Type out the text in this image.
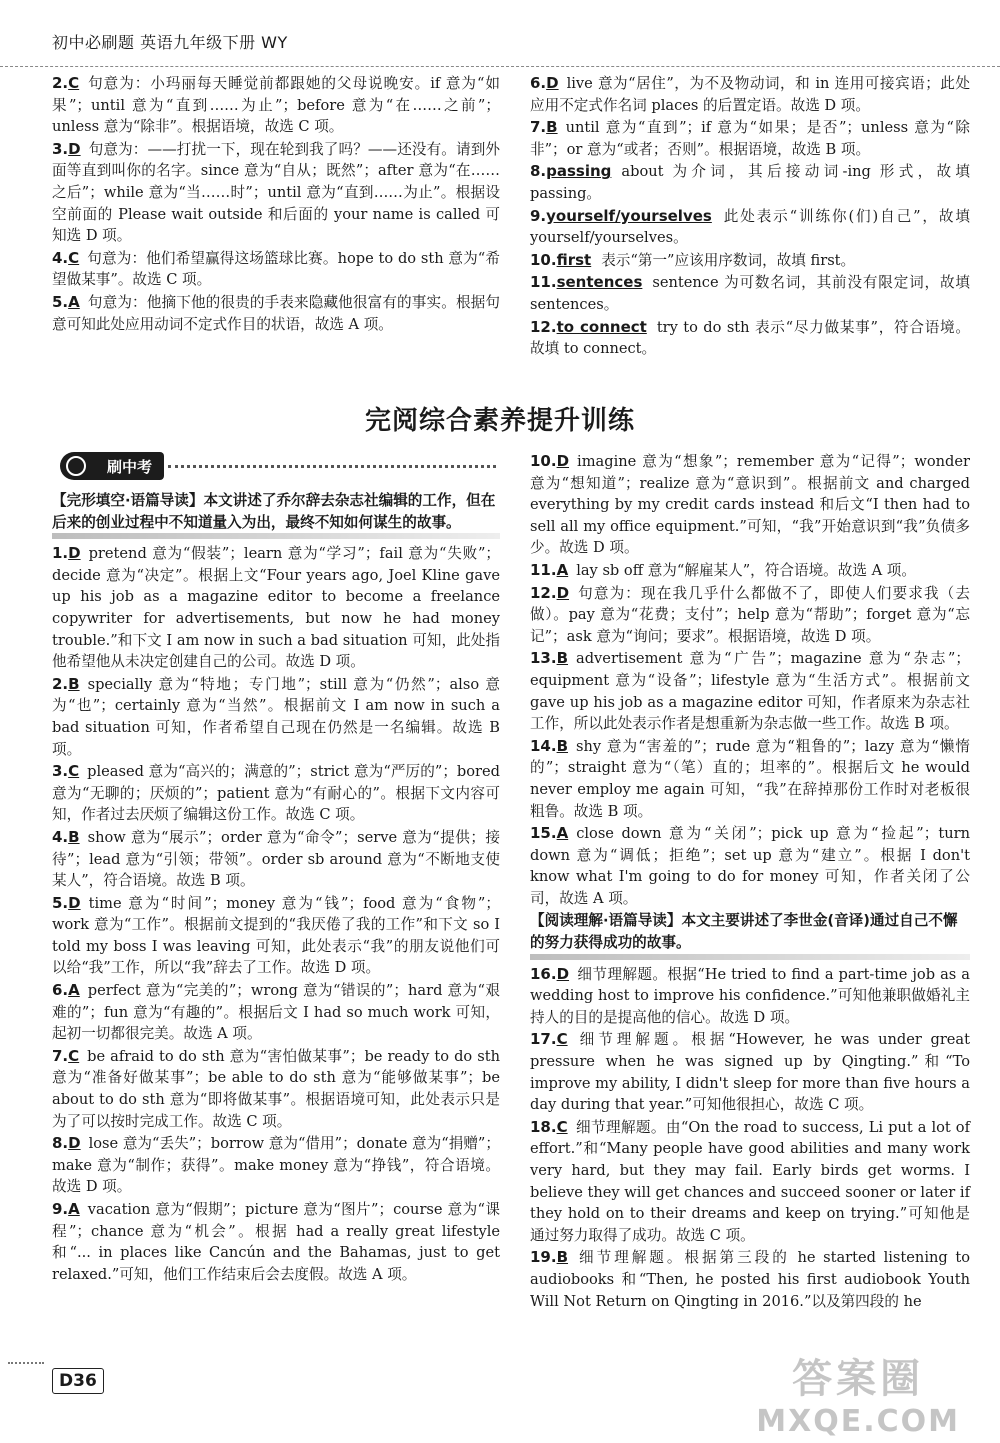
初中必刷题 英语九年级下册 WY
2.C 句意为：小玛丽每天睡觉前都跟她的父母说晚安。if 意为“如果”；until 意为“直到……为止”；before 意为“在……之前”；unless 意为“除非”。根据语境，故选 C 项。
3.D 句意为：——打扰一下，现在轮到我了吗？——还没有。请到外面等直到叫你的名字。since 意为“自从；既然”；after 意为“在……之后”；while 意为“当……时”；until 意为“直到……为止”。根据设空前面的 Please wait outside 和后面的 your name is called 可知选 D 项。
4.C 句意为：他们希望赢得这场篮球比赛。hope to do sth 意为“希望做某事”。故选 C 项。
5.A 句意为：他摘下他的很贵的手表来隐藏他很富有的事实。根据句意可知此处应用动词不定式作目的状语，故选 A 项。
6.D live 意为“居住”，为不及物动词，和 in 连用可接宾语；此处应用不定式作名词 places 的后置定语。故选 D 项。
7.B until 意为“直到”；if 意为“如果；是否”；unless 意为“除非”；or 意为“或者；否则”。根据语境，故选 B 项。
8.passing about 为介词，其后接动词-ing 形式，故填 passing。
9.yourself/yourselves 此处表示“训练你(们)自己”，故填 yourself/yourselves。
10.first 表示“第一”应该用序数词，故填 first。
11.sentences sentence 为可数名词，其前没有限定词，故填 sentences。
12.to connect try to do sth 表示“尽力做某事”，符合语境。故填 to connect。
完阅综合素养提升训练
刷中考
【完形填空·语篇导读】本文讲述了乔尔辞去杂志社编辑的工作，但在后来的创业过程中不知道量入为出，最终不知如何谋生的故事。
1.D pretend 意为“假装”；learn 意为“学习”；fail 意为“失败”；decide 意为“决定”。根据上文“Four years ago, Joel Kline gave up his job as a magazine editor to become a freelance copywriter for advertisements, but now he had money trouble.”和下文 I am now in such a bad situation 可知，此处指他希望他从未决定创建自己的公司。故选 D 项。
2.B specially 意为“特地；专门地”；still 意为“仍然”；also 意为“也”；certainly 意为“当然”。根据前文 I am now in such a bad situation 可知，作者希望自己现在仍然是一名编辑。故选 B 项。
3.C pleased 意为“高兴的；满意的”；strict 意为“严厉的”；bored 意为“无聊的；厌烦的”；patient 意为“有耐心的”。根据下文内容可知，作者过去厌烦了编辑这份工作。故选 C 项。
4.B show 意为“展示”；order 意为“命令”；serve 意为“提供；接待”；lead 意为“引领；带领”。order sb around 意为“不断地支使某人”，符合语境。故选 B 项。
5.D time 意为“时间”；money 意为“钱”；food 意为“食物”；work 意为“工作”。根据前文提到的“我厌倦了我的工作”和下文 so I told my boss I was leaving 可知，此处表示“我”的朋友说他们可以给“我”工作，所以“我”辞去了工作。故选 D 项。
6.A perfect 意为“完美的”；wrong 意为“错误的”；hard 意为“艰难的”；fun 意为“有趣的”。根据后文 I had so much work 可知，起初一切都很完美。故选 A 项。
7.C be afraid to do sth 意为“害怕做某事”；be ready to do sth 意为“准备好做某事”；be able to do sth 意为“能够做某事”；be about to do sth 意为“即将做某事”。根据语境可知，此处表示只是为了可以按时完成工作。故选 C 项。
8.D lose 意为“丢失”；borrow 意为“借用”；donate 意为“捐赠”；make 意为“制作；获得”。make money 意为“挣钱”，符合语境。故选 D 项。
9.A vacation 意为“假期”；picture 意为“图片”；course 意为“课程”；chance 意为“机会”。根据 had a really great lifestyle 和“... in places like Cancún and the Bahamas, just to get relaxed.”可知，他们工作结束后会去度假。故选 A 项。
10.D imagine 意为“想象”；remember 意为“记得”；wonder 意为“想知道”；realize 意为“意识到”。根据前文 and charged everything by my credit cards instead 和后文“I then had to sell all my office equipment.”可知，“我”开始意识到“我”负债多少。故选 D 项。
11.A lay sb off 意为“解雇某人”，符合语境。故选 A 项。
12.D 句意为：现在我几乎什么都做不了，即使人们要求我（去做）。pay 意为“花费；支付”；help 意为“帮助”；forget 意为“忘记”；ask 意为“询问；要求”。根据语境，故选 D 项。
13.B advertisement 意为“广告”；magazine 意为“杂志”；equipment 意为“设备”；lifestyle 意为“生活方式”。根据前文 gave up his job as a magazine editor 可知，作者原来为杂志社工作，所以此处表示作者是想重新为杂志做一些工作。故选 B 项。
14.B shy 意为“害羞的”；rude 意为“粗鲁的”；lazy 意为“懒惰的”；straight 意为“（笔）直的；坦率的”。根据后文 he would never employ me again 可知，“我”在辞掉那份工作时对老板很粗鲁。故选 B 项。
15.A close down 意为“关闭”；pick up 意为“捡起”；turn down 意为“调低；拒绝”；set up 意为“建立”。根据 I don't know what I'm going to do for money 可知，作者关闭了公司，故选 A 项。
【阅读理解·语篇导读】本文主要讲述了李世金(音译)通过自己不懈的努力获得成功的故事。
16.D 细节理解题。根据“He tried to find a part-time job as a wedding host to improve his confidence.”可知他兼职做婚礼主持人的目的是提高他的信心。故选 D 项。
17.C 细节理解题。根据“However, he was under great pressure when he was signed up by Qingting.”和“To improve my ability, I didn't sleep for more than five hours a day during that year.”可知他很担心，故选 C 项。
18.C 细节理解题。由“On the road to success, Li put a lot of effort.”和“Many people have good abilities and many work very hard, but they may fail. Early birds get worms. I believe they will get chances and succeed sooner or later if they hold on to their dreams and keep on trying.”可知他是通过努力取得了成功。故选 C 项。
19.B 细节理解题。根据第三段的 he started listening to audiobooks 和“Then, he posted his first audiobook Youth Will Not Return on Qingting in 2016.”以及第四段的 he
D36	答案圈
MXQE.COM
